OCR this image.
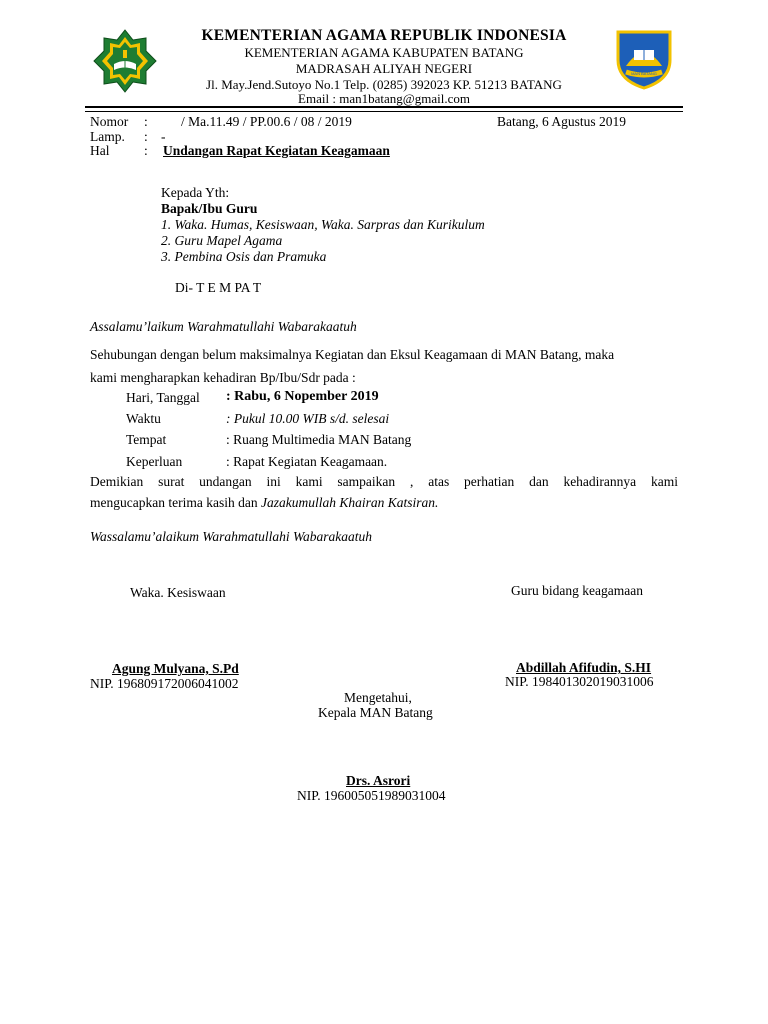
MAN BATANG
KEMENTERIAN AGAMA REPUBLIK INDONESIA
KEMENTERIAN AGAMA KABUPATEN BATANG
MADRASAH ALIYAH NEGERI
Jl. May.Jend.Sutoyo No.1 Telp. (0285) 392023 KP. 51213 BATANG
Email : man1batang@gmail.com
Nomor : / Ma.11.49 / PP.00.6 / 08 / 2019	Batang, 6 Agustus 2019
Lamp. : -
Hal	: Undangan Rapat Kegiatan Keagamaan
Kepada Yth:
Bapak/Ibu Guru
1. Waka. Humas, Kesiswaan, Waka. Sarpras dan Kurikulum
2. Guru Mapel Agama
3. Pembina Osis dan Pramuka
Di- T E M PA T
Assalamu’laikum Warahmatullahi Wabarakaatuh
Sehubungan dengan belum maksimalnya Kegiatan dan Eksul Keagamaan di MAN Batang, maka
kami mengharapkan kehadiran Bp/Ibu/Sdr pada :
Hari, Tanggal : Rabu, 6 Nopember 2019
Waktu	: Pukul 10.00 WIB s/d. selesai
Tempat	: Ruang Multimedia MAN Batang
Keperluan	: Rapat Kegiatan Keagamaan.
Demikian surat undangan ini kami sampaikan , atas perhatian dan kehadirannya kami
mengucapkan terima kasih dan Jazakumullah Khairan Katsiran.
Wassalamu’alaikum Warahmatullahi Wabarakaatuh
Waka. Kesiswaan	Guru bidang keagamaan
Agung Mulyana, S.Pd
NIP. 196809172006041002
Abdillah Afifudin, S.HI
NIP. 198401302019031006
Mengetahui,
Kepala MAN Batang
Drs. Asrori
NIP. 196005051989031004
